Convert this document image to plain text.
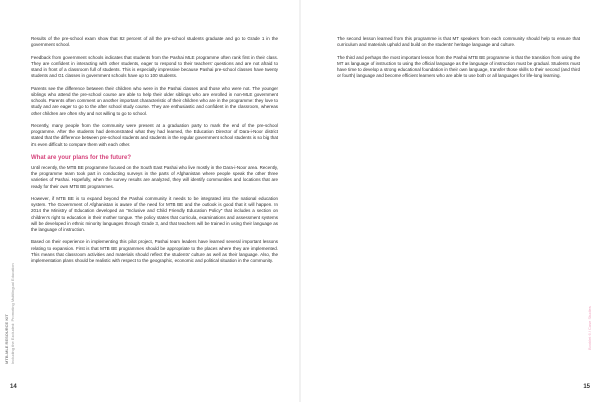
Results of the pre-school exam show that 82 percent of all the pre-school students graduate and go to Grade 1 in the government school.

Feedback from government schools indicates that students from the Pashai MLE programme often rank first in their class. They are confident in interacting with other students, eager to respond to their teachers' questions and are not afraid to stand in front of a classroom full of students. This is especially impressive because Pashai pre-school classes have twenty students and G1 classes in government schools have up to 100 students.

Parents see the difference between their children who were in the Pashai classes and those who were not. The younger siblings who attend the pre-school course are able to help their older siblings who are enrolled in non-MLE government schools. Parents often comment on another important characteristic of their children who are in the programme: they love to study and are eager to go to the after school study course. They are enthusiastic and confident in the classroom, whereas other children are often shy and not willing to go to school.

Recently, many people from the community were present at a graduation party to mark the end of the pre-school programme. After the students had demonstrated what they had learned, the Education Director of Dara-i-Noor district stated that the difference between pre-school students and students in the regular government school students is so big that it's even difficult to compare them with each other.

What are your plans for the future?

Until recently, the MTB BE programme focused on the South East Pashai who live mostly in the Dara-i-Noor area. Recently, the programme team took part in conducting surveys in the parts of Afghanistan where people speak the other three varieties of Pashai. Hopefully, when the survey results are analyzed, they will identify communities and locations that are ready for their own MTB BE programmes.

However, if MTB BE is to expand beyond the Pashai community it needs to be integrated into the national education system. The Government of Afghanistan is aware of the need for MTB BE and the outlook is good that it will happen. In 2014 the Ministry of Education developed an "Inclusive and Child Friendly Education Policy" that includes a section on children's right to education in their mother tongue. The policy states that curricula, examinations and assessment systems will be developed in ethnic minority languages through Grade 3, and that teachers will be trained in using their language as the language of instruction.

Based on their experience in implementing this pilot project, Pashai team leaders have learned several important lessons relating to expansion. First is that MTB BE programmes should be appropriate to the places where they are implemented. This means that classroom activities and materials should reflect the students' culture as well as their language. Also, the implementation plans should be realistic with respect to the geographic, economic and political situation in the community.

MTB-MLE RESOURCE KIT Including the Excluded: Promoting Multilingual Education
14

The second lesson learned from this programme is that MT speakers from each community should help to ensure that curriculum and materials uphold and build on the students' heritage language and culture.

The third and perhaps the most important lesson from the Pashai MTB BE programme is that the transition from using the MT as language of instruction to using the official language as the language of instruction must be gradual. Students must have time to develop a strong educational foundation in their own language, transfer those skills to their second (and third or fourth) language and become efficient learners who are able to use both or all languages for life-long learning.

Booklet 6 / Case Studies
15
